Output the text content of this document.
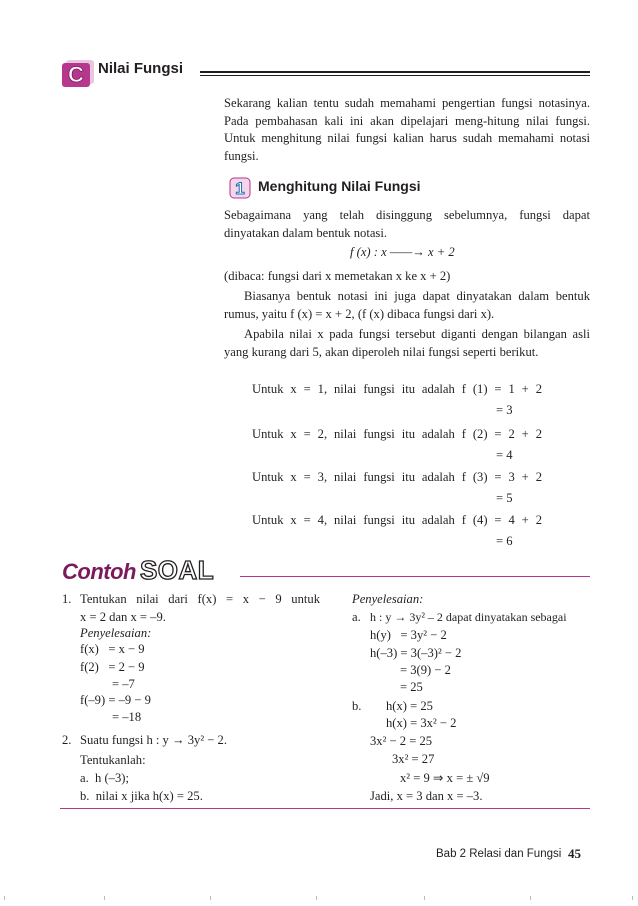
C Nilai Fungsi
Sekarang kalian tentu sudah memahami pengertian fungsi notasinya. Pada pembahasan kali ini akan dipelajari meng-hitung nilai fungsi. Untuk menghitung nilai fungsi kalian harus sudah memahami notasi fungsi.
1 Menghitung Nilai Fungsi
Sebagaimana yang telah disinggung sebelumnya, fungsi dapat dinyatakan dalam bentuk notasi.
f (x) : x ——→ x + 2
(dibaca: fungsi dari x memetakan x ke x + 2)
Biasanya bentuk notasi ini juga dapat dinyatakan dalam bentuk rumus, yaitu f (x) = x + 2, (f (x) dibaca fungsi dari x).
Apabila nilai x pada fungsi tersebut diganti dengan bilangan asli yang kurang dari 5, akan diperoleh nilai fungsi seperti berikut.
Untuk x = 1, nilai fungsi itu adalah f (1) = 1 + 2
= 3
Untuk x = 2, nilai fungsi itu adalah f (2) = 2 + 2
= 4
Untuk x = 3, nilai fungsi itu adalah f (3) = 3 + 2
= 5
Untuk x = 4, nilai fungsi itu adalah f (4) = 4 + 2
= 6
Contoh SOAL
1. Tentukan nilai dari f(x) = x − 9 untuk
x = 2 dan x = –9.
Penyelesaian:
f(x)   = x − 9
f(2)   = 2 − 9
= –7
f(–9) = –9 − 9
= –18
2. Suatu fungsi h : y → 3y² − 2.
Tentukanlah:
a.  h (–3);
b.  nilai x jika h(x) = 25.
Penyelesaian:
a. h : y → 3y² – 2 dapat dinyatakan sebagai
h(y)   = 3y² − 2
h(–3) = 3(–3)² − 2
= 3(9) − 2
= 25
b. h(x) = 25
h(x) = 3x² − 2
3x² − 2 = 25
3x² = 27
x² = 9 ⇒ x = ± √9
Jadi, x = 3 dan x = –3.
Bab 2 Relasi dan Fungsi 45
